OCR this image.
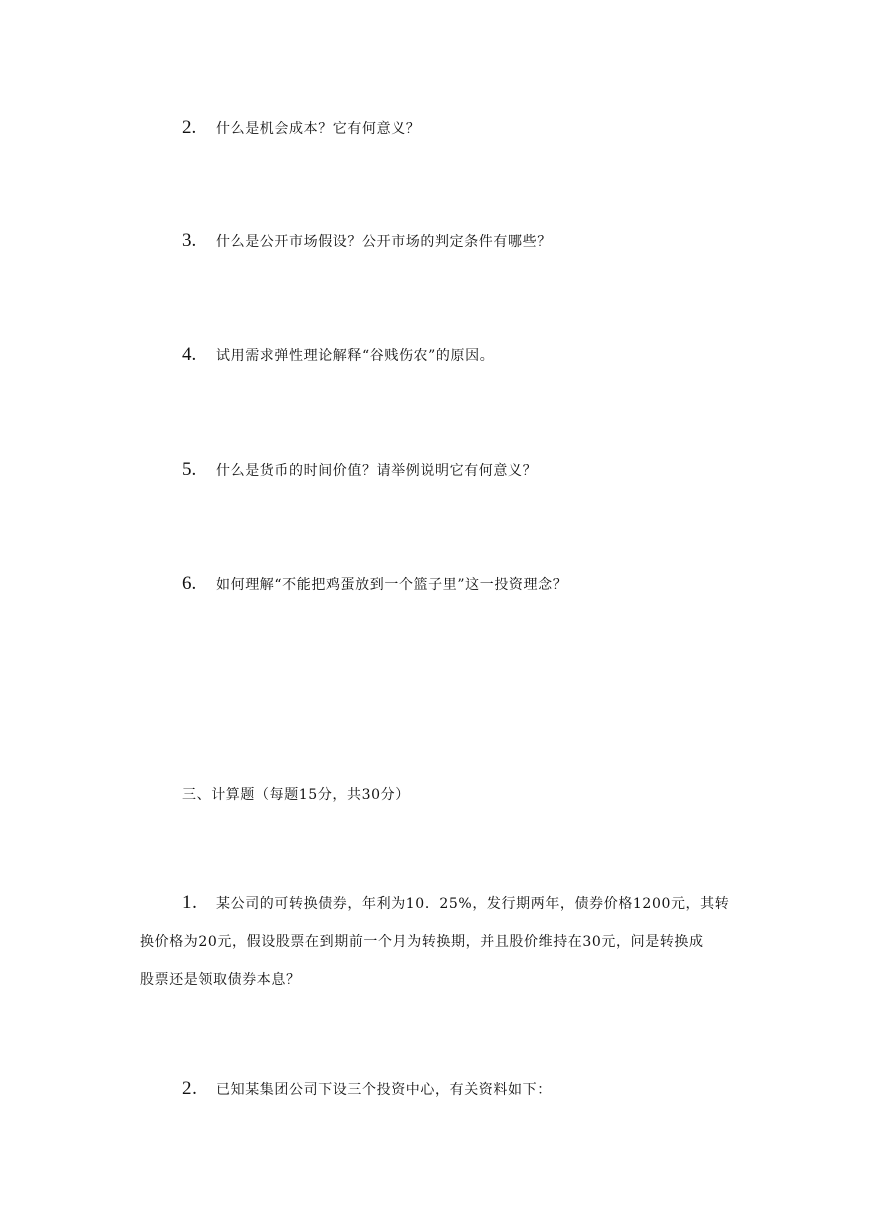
2. 什么是机会成本？它有何意义？
3. 什么是公开市场假设？公开市场的判定条件有哪些？
4. 试用需求弹性理论解释“谷贱伤农”的原因。
5. 什么是货币的时间价值？请举例说明它有何意义？
6. 如何理解“不能把鸡蛋放到一个篮子里”这一投资理念？
三、计算题（每题15分，共30分）
1. 某公司的可转换债券，年利为10．25%，发行期两年，债券价格1200元，其转
换价格为20元，假设股票在到期前一个月为转换期，并且股价维持在30元，问是转换成
股票还是领取债券本息？
2. 已知某集团公司下设三个投资中心，有关资料如下：
